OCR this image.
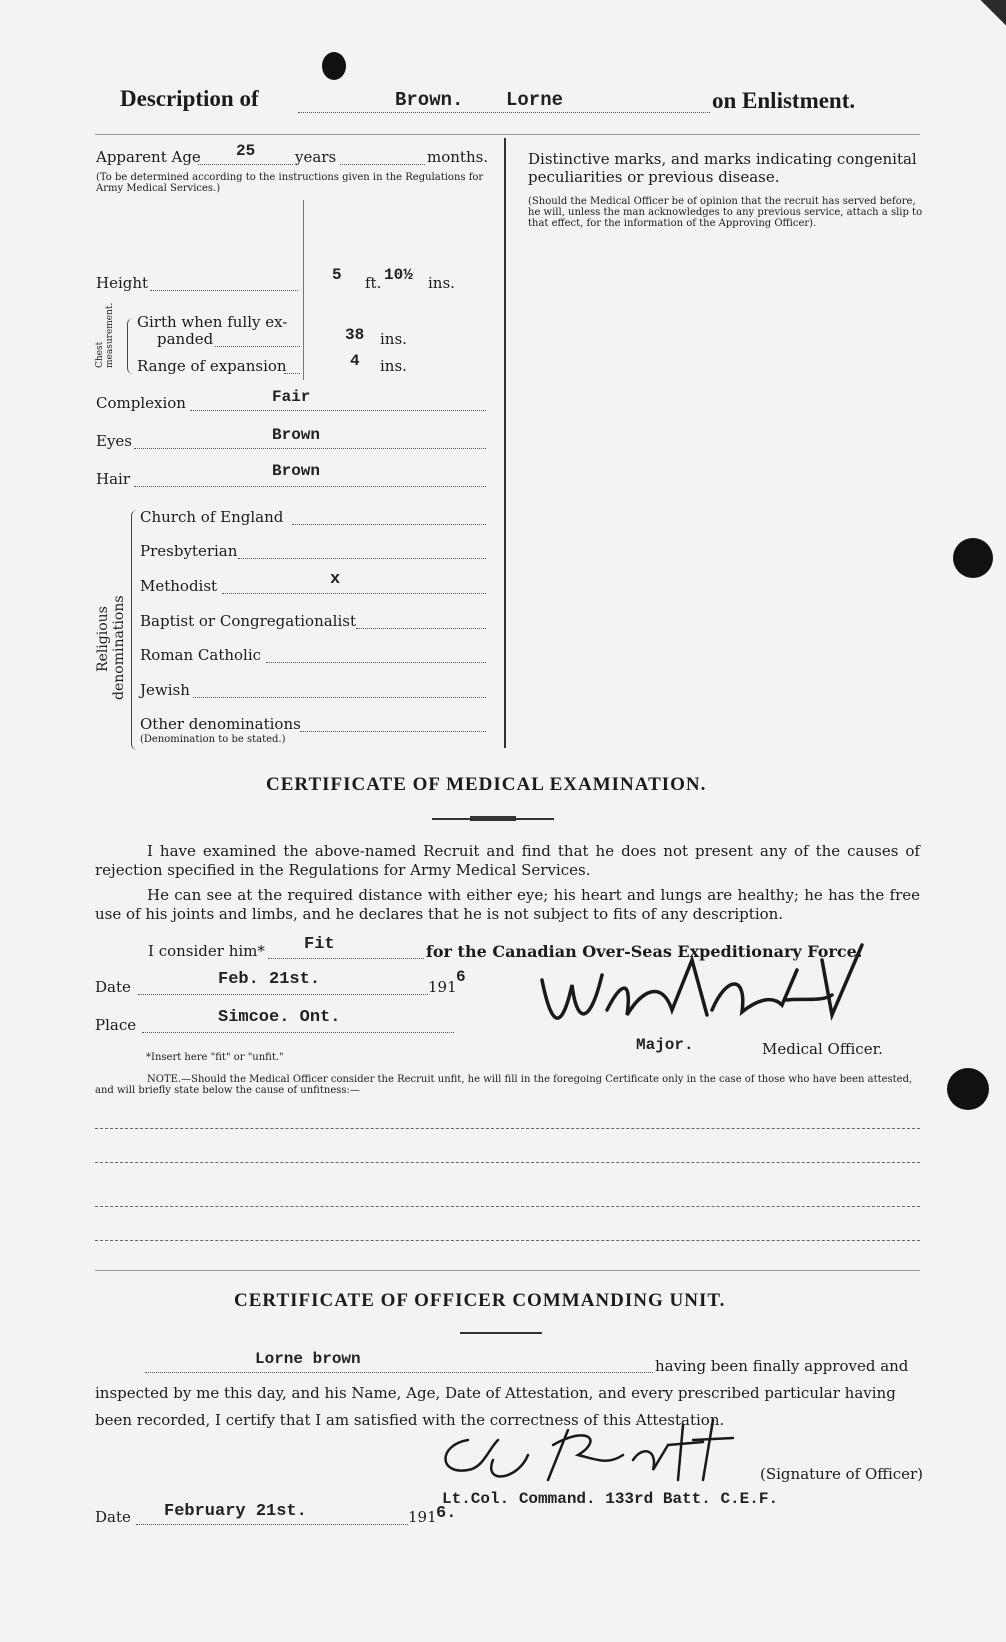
Description of	Brown. Lorne	on Enlistment.
Apparent Age 25	years	months.
(To be determined according to the instructions given in the Regulations for Army Medical Services.)
Height	5 ft. 10½ ins.
Chest measurement. Girth when fully ex-
panded	38 ins.
Range of expansion	4 ins.
Complexion	Fair
Eyes	Brown
Hair	Brown
Religious denominations
Church of England
Presbyterian
Methodist	x
Baptist or Congregationalist
Roman Catholic
Jewish
Other denominations
(Denomination to be stated.)
Distinctive marks, and marks indicating congenital
peculiarities or previous disease.
(Should the Medical Officer be of opinion that the recruit has served before, he will, unless the man acknowledges to any previous service, attach a slip to that effect, for the information of the Approving Officer).
CERTIFICATE OF MEDICAL EXAMINATION.
I have examined the above-named Recruit and find that he does not present any of the causes of rejection specified in the Regulations for Army Medical Services.
He can see at the required distance with either eye; his heart and lungs are healthy; he has the free use of his joints and limbs, and he declares that he is not subject to fits of any description.
I consider him* Fit	for the Canadian Over-Seas Expeditionary Force.
Date	Feb. 21st.	191
6
Place	Simcoe. Ont.
Major.	Medical Officer.
*Insert here "fit" or "unfit."
NOTE.—Should the Medical Officer consider the Recruit unfit, he will fill in the foregoing Certificate only in the case of those who have been attested, and will briefly state below the cause of unfitness:—
CERTIFICATE OF OFFICER COMMANDING UNIT.
Lorne brown	having been finally approved and
inspected by me this day, and his Name, Age, Date of Attestation, and every prescribed particular having
been recorded, I certify that I am satisfied with the correctness of this Attestation.
(Signature of Officer)
Lt.Col. Command. 133rd Batt. C.E.F.
Date February 21st.	191 6.
